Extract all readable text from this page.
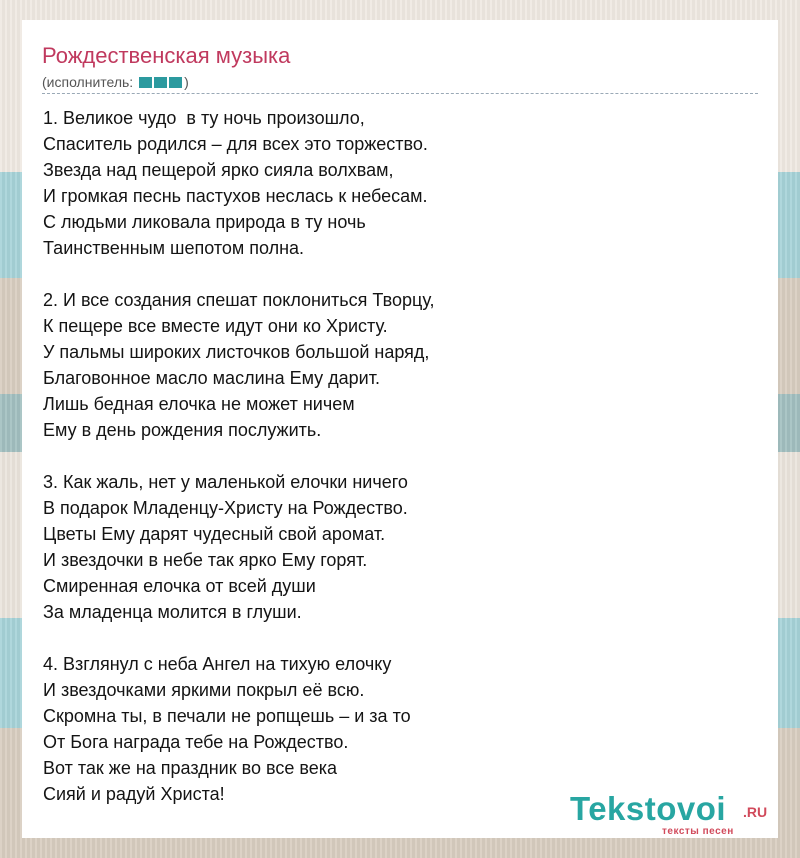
Рождественская музыка
(исполнитель:	)
1. Великое чудо  в ту ночь произошло,
Спаситель родился – для всех это торжество.
Звезда над пещерой ярко сияла волхвам,
И громкая песнь пастухов неслась к небесам.
С людьми ликовала природа в ту ночь
Таинственным шепотом полна.
2. И все создания спешат поклониться Творцу,
К пещере все вместе идут они ко Христу.
У пальмы широких листочков большой наряд,
Благовонное масло маслина Ему дарит.
Лишь бедная елочка не может ничем
Ему в день рождения послужить.
3. Как жаль, нет у маленькой елочки ничего
В подарок Младенцу-Христу на Рождество.
Цветы Ему дарят чудесный свой аромат.
И звездочки в небе так ярко Ему горят.
Смиренная елочка от всей души
За младенца молится в глуши.
4. Взглянул с неба Ангел на тихую елочку
И звездочками яркими покрыл её всю.
Скромна ты, в печали не ропщешь – и за то
От Бога награда тебе на Рождество.
Вот так же на праздник во все века
Сияй и радуй Христа!	Tekstovoi .RU
тексты песен
